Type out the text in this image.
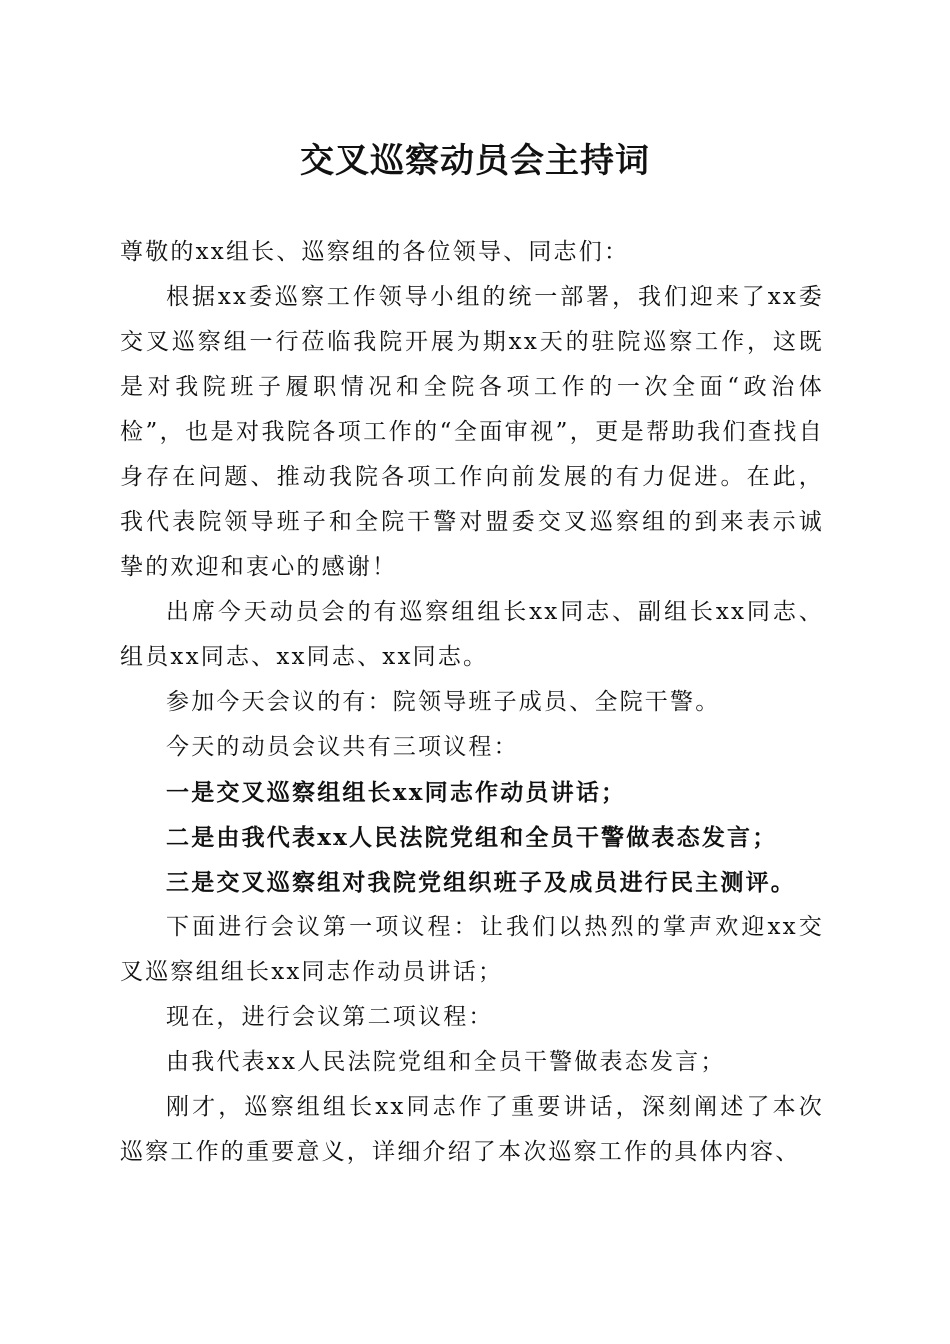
交叉巡察动员会主持词

尊敬的xx组长、巡察组的各位领导、同志们：

根据xx委巡察工作领导小组的统一部署，我们迎来了xx委交叉巡察组一行莅临我院开展为期xx天的驻院巡察工作，这既是对我院班子履职情况和全院各项工作的一次全面“政治体检”，也是对我院各项工作的“全面审视”，更是帮助我们查找自身存在问题、推动我院各项工作向前发展的有力促进。在此，我代表院领导班子和全院干警对盟委交叉巡察组的到来表示诚挚的欢迎和衷心的感谢！

出席今天动员会的有巡察组组长xx同志、副组长xx同志、组员xx同志、xx同志、xx同志。

参加今天会议的有：院领导班子成员、全院干警。

今天的动员会议共有三项议程：

一是交叉巡察组组长xx同志作动员讲话；

二是由我代表xx人民法院党组和全员干警做表态发言；

三是交叉巡察组对我院党组织班子及成员进行民主测评。

下面进行会议第一项议程：让我们以热烈的掌声欢迎xx交叉巡察组组长xx同志作动员讲话；

现在，进行会议第二项议程：

由我代表xx人民法院党组和全员干警做表态发言；

刚才，巡察组组长xx同志作了重要讲话，深刻阐述了本次巡察工作的重要意义，详细介绍了本次巡察工作的具体内容、
